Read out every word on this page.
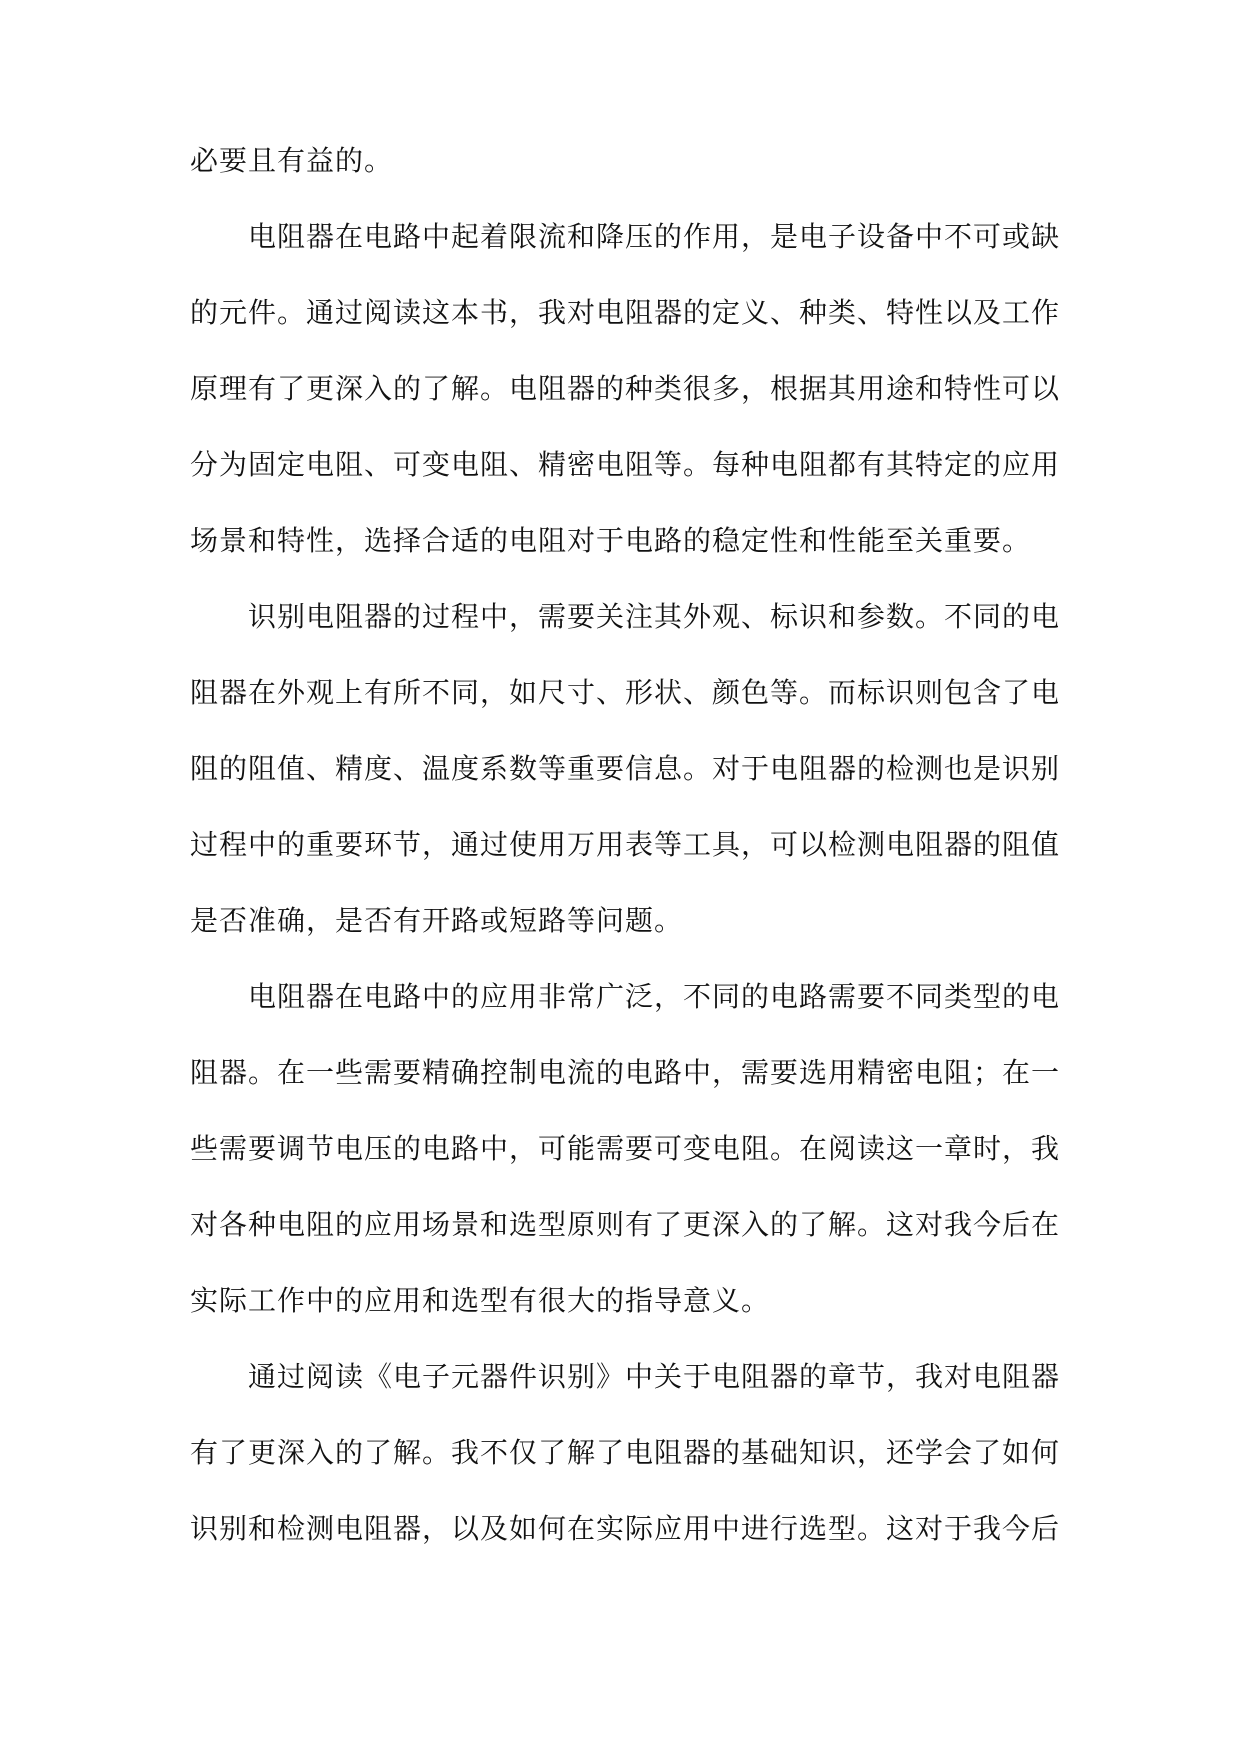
必要且有益的。

电阻器在电路中起着限流和降压的作用，是电子设备中不可或缺的元件。通过阅读这本书，我对电阻器的定义、种类、特性以及工作原理有了更深入的了解。电阻器的种类很多，根据其用途和特性可以分为固定电阻、可变电阻、精密电阻等。每种电阻都有其特定的应用场景和特性，选择合适的电阻对于电路的稳定性和性能至关重要。

识别电阻器的过程中，需要关注其外观、标识和参数。不同的电阻器在外观上有所不同，如尺寸、形状、颜色等。而标识则包含了电阻的阻值、精度、温度系数等重要信息。对于电阻器的检测也是识别过程中的重要环节，通过使用万用表等工具，可以检测电阻器的阻值是否准确，是否有开路或短路等问题。

电阻器在电路中的应用非常广泛，不同的电路需要不同类型的电阻器。在一些需要精确控制电流的电路中，需要选用精密电阻；在一些需要调节电压的电路中，可能需要可变电阻。在阅读这一章时，我对各种电阻的应用场景和选型原则有了更深入的了解。这对我今后在实际工作中的应用和选型有很大的指导意义。

通过阅读《电子元器件识别》中关于电阻器的章节，我对电阻器有了更深入的了解。我不仅了解了电阻器的基础知识，还学会了如何识别和检测电阻器，以及如何在实际应用中进行选型。这对于我今后
